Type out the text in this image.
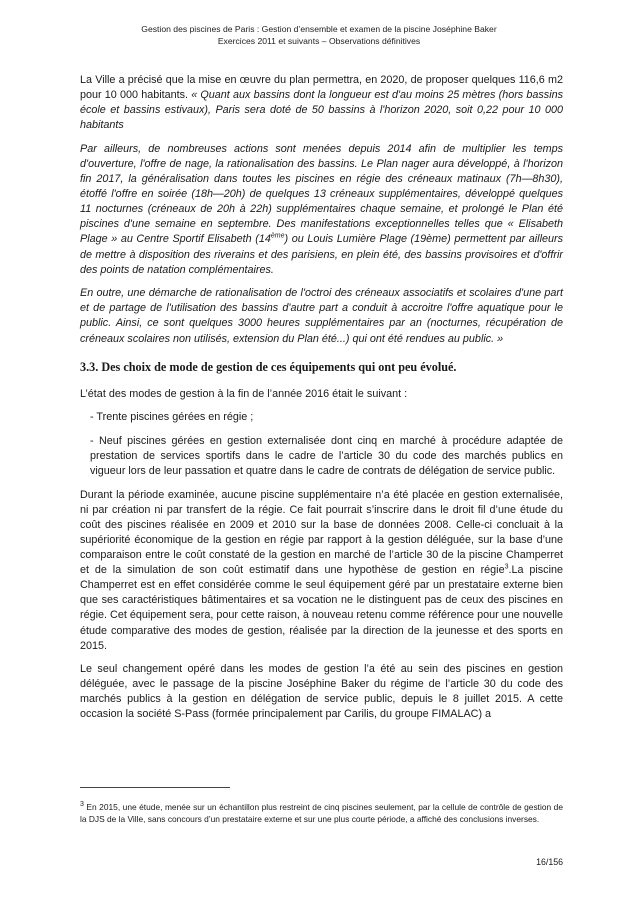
Gestion des piscines de Paris : Gestion d’ensemble et examen de la piscine Joséphine Baker
Exercices 2011 et suivants – Observations définitives

La Ville a précisé que la mise en œuvre du plan permettra, en 2020, de proposer quelques 116,6 m2 pour 10 000 habitants. « Quant aux bassins dont la longueur est d'au moins 25 mètres (hors bassins école et bassins estivaux), Paris sera doté de 50 bassins à l'horizon 2020, soit 0,22 pour 10 000 habitants

Par ailleurs, de nombreuses actions sont menées depuis 2014 afin de multiplier les temps d'ouverture, l'offre de nage, la rationalisation des bassins. Le Plan nager aura développé, à l'horizon fin 2017, la généralisation dans toutes les piscines en régie des créneaux matinaux (7h—8h30), étoffé l'offre en soirée (18h—20h) de quelques 13 créneaux supplémentaires, développé quelques 11 nocturnes (créneaux de 20h à 22h) supplémentaires chaque semaine, et prolongé le Plan été piscines d'une semaine en septembre. Des manifestations exceptionnelles telles que « Elisabeth Plage » au Centre Sportif Elisabeth (14ème) ou Louis Lumière Plage (19ème) permettent par ailleurs de mettre à disposition des riverains et des parisiens, en plein été, des bassins provisoires et d'offrir des points de natation complémentaires.

En outre, une démarche de rationalisation de l'octroi des créneaux associatifs et scolaires d'une part et de partage de l'utilisation des bassins d'autre part a conduit à accroitre l'offre aquatique pour le public. Ainsi, ce sont quelques 3000 heures supplémentaires par an (nocturnes, récupération de créneaux scolaires non utilisés, extension du Plan été...) qui ont été rendues au public. »

3.3. Des choix de mode de gestion de ces équipements qui ont peu évolué.

L’état des modes de gestion à la fin de l’année 2016 était le suivant :

- Trente piscines gérées en régie ;

- Neuf piscines gérées en gestion externalisée dont cinq en marché à procédure adaptée de prestation de services sportifs dans le cadre de l’article 30 du code des marchés publics en vigueur lors de leur passation et quatre dans le cadre de contrats de délégation de service public.

Durant la période examinée, aucune piscine supplémentaire n’a été placée en gestion externalisée, ni par création ni par transfert de la régie. Ce fait pourrait s’inscrire dans le droit fil d’une étude du coût des piscines réalisée en 2009 et 2010 sur la base de données 2008. Celle-ci concluait à la supériorité économique de la gestion en régie par rapport à la gestion déléguée, sur la base d’une comparaison entre le coût constaté de la gestion en marché de l’article 30 de la piscine Champerret et de la simulation de son coût estimatif dans une hypothèse de gestion en régie$^3$.La piscine Champerret est en effet considérée comme le seul équipement géré par un prestataire externe bien que ses caractéristiques bâtimentaires et sa vocation ne le distinguent pas de ceux des piscines en régie. Cet équipement sera, pour cette raison, à nouveau retenu comme référence pour une nouvelle étude comparative des modes de gestion, réalisée par la direction de la jeunesse et des sports en 2015.

Le seul changement opéré dans les modes de gestion l’a été au sein des piscines en gestion déléguée, avec le passage de la piscine Joséphine Baker du régime de l’article 30 du code des marchés publics à la gestion en délégation de service public, depuis le 8 juillet 2015. A cette occasion la société S-Pass (formée principalement par Carilis, du groupe FIMALAC) a

$^3$ En 2015, une étude, menée sur un échantillon plus restreint de cinq piscines seulement, par la cellule de contrôle de gestion de la DJS de la Ville, sans concours d’un prestataire externe et sur une plus courte période, a affiché des conclusions inverses.
16/156
